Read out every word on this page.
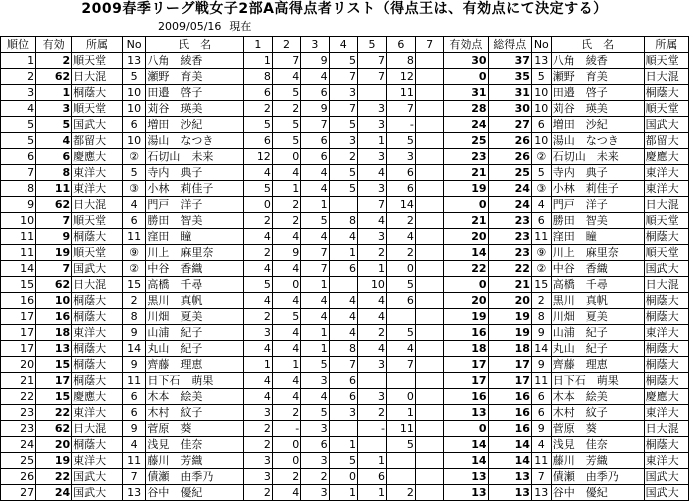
2009春季リーグ戦女子2部A高得点者リスト（得点王は、有効点にて決定する）
2009/05/16 現在
順位	有効	所属	No	氏　名	1	2	3	4	5	6	7	有効点	総得点	No	氏　名	所属
1	2	順天堂	13	八角　綾香	1	7	9	5	7	8		30	37	13	八角　綾香	順天堂
2	62	日大混	5	瀬野　育美	8	4	4	7	7	12		0	35	5	瀬野　育美	日大混
3	1	桐蔭大	10	田邉　啓子	6	5	6	3		11		31	31	10	田邉　啓子	桐蔭大
4	3	順天堂	10	苅谷　瑛美	2	2	9	7	3	7		28	30	10	苅谷　瑛美	順天堂
5	5	国武大	6	増田　沙紀	5	5	7	5	3	-		24	27	6	増田　沙紀	国武大
5	4	都留大	10	湯山　なつき	6	5	6	3	1	5		25	26	10	湯山　なつき	都留大
6	6	慶應大	②	石切山　未来	12	0	6	2	3	3		23	26	②	石切山　未来	慶應大
7	8	東洋大	5	寺内　典子	4	4	4	5	4	6		21	25	5	寺内　典子	東洋大
8	11	東洋大	③	小林　莉佳子	5	1	4	5	3	6		19	24	③	小林　莉佳子	東洋大
9	62	日大混	4	門戸　洋子	0	2	1		7	14		0	24	4	門戸　洋子	日大混
10	7	順天堂	6	勝田　智美	2	2	5	8	4	2		21	23	6	勝田　智美	順天堂
11	9	桐蔭大	11	窪田　瞳	4	4	4	4	3	4		20	23	11	窪田　瞳	桐蔭大
11	19	順天堂	⑨	川上　麻里奈	2	9	7	1	2	2		14	23	⑨	川上　麻里奈	順天堂
14	7	国武大	②	中谷　香織	4	4	7	6	1	0		22	22	②	中谷　香織	国武大
15	62	日大混	15	高橋　千尋	5	0	1		10	5		0	21	15	高橋　千尋	日大混
16	10	桐蔭大	2	黒川　真帆	4	4	4	4	4	6		20	20	2	黒川　真帆	桐蔭大
17	16	桐蔭大	8	川畑　夏美	2	5	4	4	4			19	19	8	川畑　夏美	桐蔭大
17	18	東洋大	9	山浦　紀子	3	4	1	4	2	5		16	19	9	山浦　紀子	東洋大
17	13	桐蔭大	14	丸山　紀子	4	4	1	8	4	4		18	18	14	丸山　紀子	桐蔭大
20	15	桐蔭大	9	齊藤　理恵	1	1	5	7	3	7		17	17	9	齊藤　理恵	桐蔭大
21	17	桐蔭大	11	日下石　萌果	4	4	3	6				17	17	11	日下石　萌果	桐蔭大
22	15	慶應大	6	木本　絵美	4	4	4	6	3	0		16	16	6	木本　絵美	慶應大
23	22	東洋大	6	木村　紋子	3	2	5	3	2	1		13	16	6	木村　紋子	東洋大
23	62	日大混	9	菅原　葵	2	-	3		-	11		0	16	9	菅原　葵	日大混
24	20	桐蔭大	4	浅見　佳奈	2	0	6	1		5		14	14	4	浅見　佳奈	桐蔭大
25	19	東洋大	11	藤川　芳織	3	0	3	5	1			14	14	11	藤川　芳織	東洋大
26	22	国武大	7	債瀬　由季乃	3	2	2	0	6			13	13	7	債瀬　由季乃	国武大
27	24	国武大	13	谷中　優紀	2	4	3	1	1	2		13	13	13	谷中　優紀	国武大
